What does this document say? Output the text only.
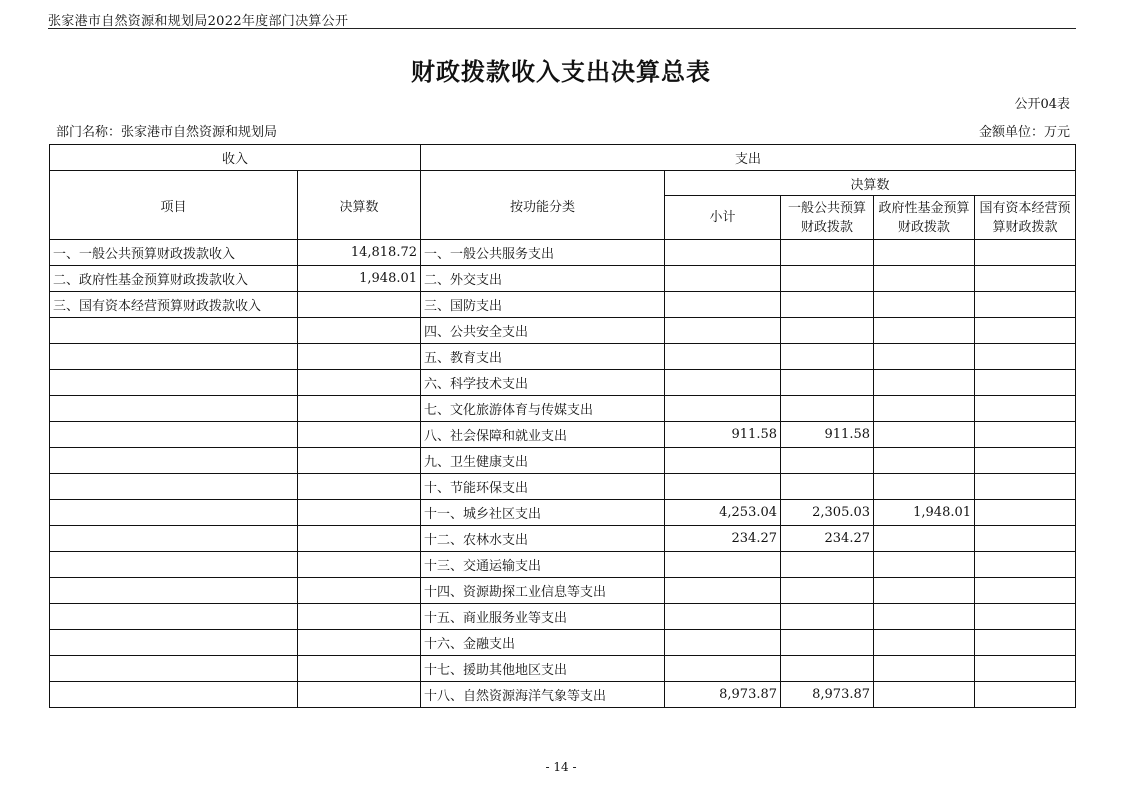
张家港市自然资源和规划局2022年度部门决算公开
财政拨款收入支出决算总表
公开04表
部门名称：张家港市自然资源和规划局	金额单位：万元
收入		支出				
项目	决算数	按功能分类	决算数			
			小计	一般公共预算财政拨款	政府性基金预算财政拨款	国有资本经营预算财政拨款
一、一般公共预算财政拨款收入	14,818.72	一、一般公共服务支出				
二、政府性基金预算财政拨款收入	1,948.01	二、外交支出				
三、国有资本经营预算财政拨款收入		三、国防支出				
		四、公共安全支出				
		五、教育支出				
		六、科学技术支出				
		七、文化旅游体育与传媒支出				
		八、社会保障和就业支出	911.58	911.58		
		九、卫生健康支出				
		十、节能环保支出				
		十一、城乡社区支出	4,253.04	2,305.03	1,948.01	
		十二、农林水支出	234.27	234.27		
		十三、交通运输支出				
		十四、资源勘探工业信息等支出				
		十五、商业服务业等支出				
		十六、金融支出				
		十七、援助其他地区支出				
		十八、自然资源海洋气象等支出	8,973.87	8,973.87		
- 14 -
